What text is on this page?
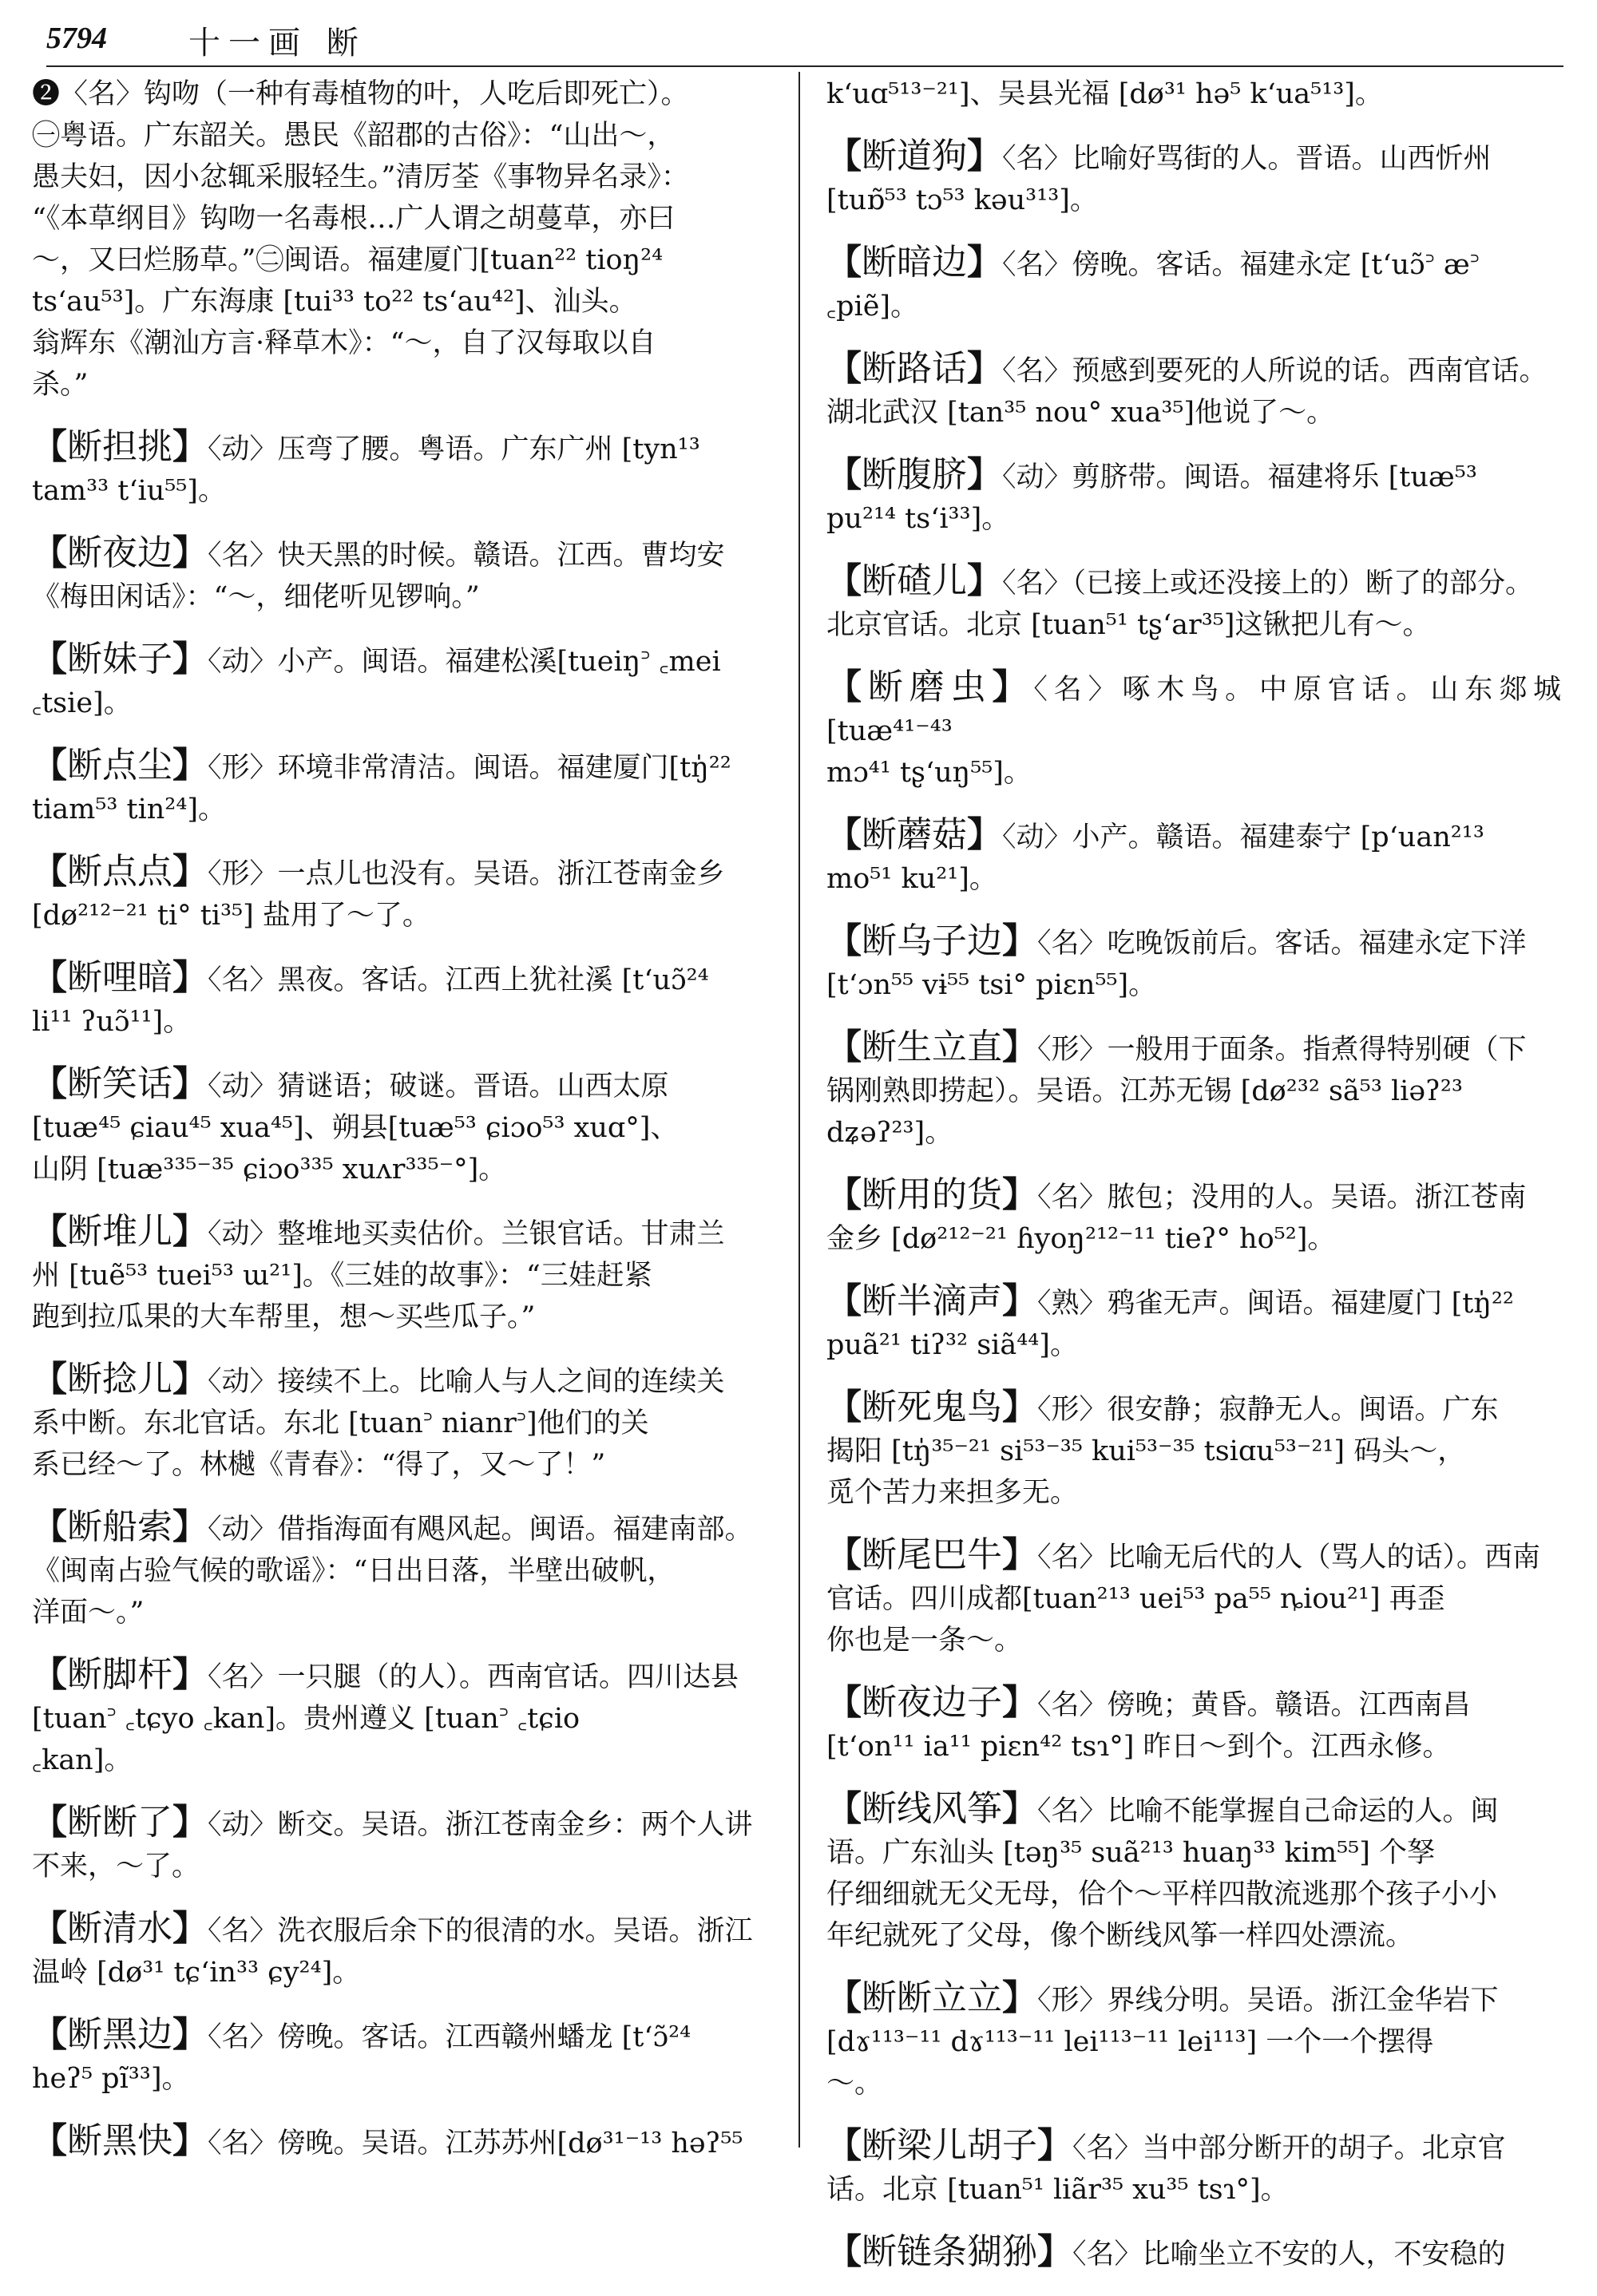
5794	十一画 断

❷〈名〉钩吻（一种有毒植物的叶，人吃后即死亡）。

㊀粤语。广东韶关。愚民《韶郡的古俗》：“山出～，

愚夫妇，因小忿辄采服轻生。”清厉荃《事物异名录》：

“《本草纲目》钩吻一名毒根…广人谓之胡蔓草，亦曰

～，又曰烂肠草。”㊁闽语。福建厦门[tuan²² tioŋ²⁴

ts‘au⁵³]。广东海康 [tui³³ to²² ts‘au⁴²]、汕头。

翁辉东《潮汕方言·释草木》：“～，自了汉每取以自

杀。”

【断担挑】〈动〉压弯了腰。粤语。广东广州 [tyn¹³

tam³³ t‘iu⁵⁵]。

【断夜边】〈名〉快天黑的时候。赣语。江西。曹均安

《梅田闲话》：“～，细佬听见锣响。”

【断妹子】〈动〉小产。闽语。福建松溪[tueiŋ꜄ ꜀mei

꜀tsie]。

【断点尘】〈形〉环境非常清洁。闽语。福建厦门[tŋ̍²²

tiam⁵³ tin²⁴]。

【断点点】〈形〉一点儿也没有。吴语。浙江苍南金乡

[dø²¹²⁻²¹ ti° ti³⁵] 盐用了～了。

【断哩暗】〈名〉黑夜。客话。江西上犹社溪 [t‘uɔ̃²⁴

li¹¹ ʔuɔ̃¹¹]。

【断笑话】〈动〉猜谜语；破谜。晋语。山西太原

[tuæ⁴⁵ ɕiau⁴⁵ xua⁴⁵]、朔县[tuæ⁵³ ɕiɔo⁵³ xuɑ°]、

山阴 [tuæ³³⁵⁻³⁵ ɕiɔo³³⁵ xuʌr³³⁵⁻°]。

【断堆儿】〈动〉整堆地买卖估价。兰银官话。甘肃兰

州 [tuẽ⁵³ tuei⁵³ ɯ²¹]。《三娃的故事》：“三娃赶紧

跑到拉瓜果的大车帮里，想～买些瓜子。”

【断捻儿】〈动〉接续不上。比喻人与人之间的连续关

系中断。东北官话。东北 [tuan꜄ nianr꜄]他们的关

系已经～了。林樾《青春》：“得了，又～了！”

【断船索】〈动〉借指海面有飓风起。闽语。福建南部。

《闽南占验气候的歌谣》：“日出日落，半壁出破帆，

洋面～。”

【断脚杆】〈名〉一只腿（的人）。西南官话。四川达县

[tuan꜄ ꜀tɕyo ꜀kan]。贵州遵义 [tuan꜄ ꜀tɕio

꜀kan]。

【断断了】〈动〉断交。吴语。浙江苍南金乡：两个人讲

不来，～了。

【断清水】〈名〉洗衣服后余下的很清的水。吴语。浙江

温岭 [dø³¹ tɕ‘in³³ ɕy²⁴]。

【断黑边】〈名〉傍晚。客话。江西赣州蟠龙 [t‘ɔ̃²⁴

heʔ⁵ pĩ³³]。

【断黑快】〈名〉傍晚。吴语。江苏苏州[dø³¹⁻¹³ həʔ⁵⁵

k‘uɑ⁵¹³⁻²¹]、吴县光福 [dø³¹ hə⁵ k‘ua⁵¹³]。

【断道狗】〈名〉比喻好骂街的人。晋语。山西忻州

[tuɒ̃⁵³ tɔ⁵³ kəu³¹³]。

【断暗边】〈名〉傍晚。客话。福建永定 [t‘uɔ̃꜄ æ꜄

꜀piẽ]。

【断路话】〈名〉预感到要死的人所说的话。西南官话。

湖北武汉 [tan³⁵ nou° xua³⁵]他说了～。

【断腹脐】〈动〉剪脐带。闽语。福建将乐 [tuæ⁵³

pu²¹⁴ ts‘i³³]。

【断碴儿】〈名〉（已接上或还没接上的）断了的部分。

北京官话。北京 [tuan⁵¹ tʂ‘ar³⁵]这锹把儿有～。

【断磨虫】〈名〉啄木鸟。中原官话。山东郯城[tuæ⁴¹⁻⁴³

mɔ⁴¹ tʂ‘uŋ⁵⁵]。

【断蘑菇】〈动〉小产。赣语。福建泰宁 [p‘uan²¹³

mo⁵¹ ku²¹]。

【断乌子边】〈名〉吃晚饭前后。客话。福建永定下洋

[t‘ɔn⁵⁵ vɨ⁵⁵ tsi° piɛn⁵⁵]。

【断生立直】〈形〉一般用于面条。指煮得特别硬（下

锅刚熟即捞起）。吴语。江苏无锡 [dø²³² sã⁵³ liəʔ²³

dʑəʔ²³]。

【断用的货】〈名〉脓包；没用的人。吴语。浙江苍南

金乡 [dø²¹²⁻²¹ ɦyoŋ²¹²⁻¹¹ tieʔ° ho⁵²]。

【断半滴声】〈熟〉鸦雀无声。闽语。福建厦门 [tŋ̍²²

puã²¹ tiʔ³² siã⁴⁴]。

【断死鬼鸟】〈形〉很安静；寂静无人。闽语。广东

揭阳 [tŋ̍³⁵⁻²¹ si⁵³⁻³⁵ kui⁵³⁻³⁵ tsiɑu⁵³⁻²¹] 码头～，

觅个苦力来担多无。

【断尾巴牛】〈名〉比喻无后代的人（骂人的话）。西南

官话。四川成都[tuan²¹³ uei⁵³ pa⁵⁵ ȵiou²¹] 再歪

你也是一条～。

【断夜边子】〈名〉傍晚；黄昏。赣语。江西南昌

[t‘on¹¹ ia¹¹ piɛn⁴² tsɿ°] 昨日～到个。江西永修。

【断线风筝】〈名〉比喻不能掌握自己命运的人。闽

语。广东汕头 [təŋ³⁵ suã²¹³ huaŋ³³ kim⁵⁵] 个孥

仔细细就无父无母，佮个～平样四散流逃那个孩子小小

年纪就死了父母，像个断线风筝一样四处漂流。

【断断立立】〈形〉界线分明。吴语。浙江金华岩下

[dɤ¹¹³⁻¹¹ dɤ¹¹³⁻¹¹ lei¹¹³⁻¹¹ lei¹¹³] 一个一个摆得

～。

【断梁儿胡子】〈名〉当中部分断开的胡子。北京官

话。北京 [tuan⁵¹ liãr³⁵ xu³⁵ tsɿ°]。

【断链条猢狲】〈名〉比喻坐立不安的人，不安稳的
